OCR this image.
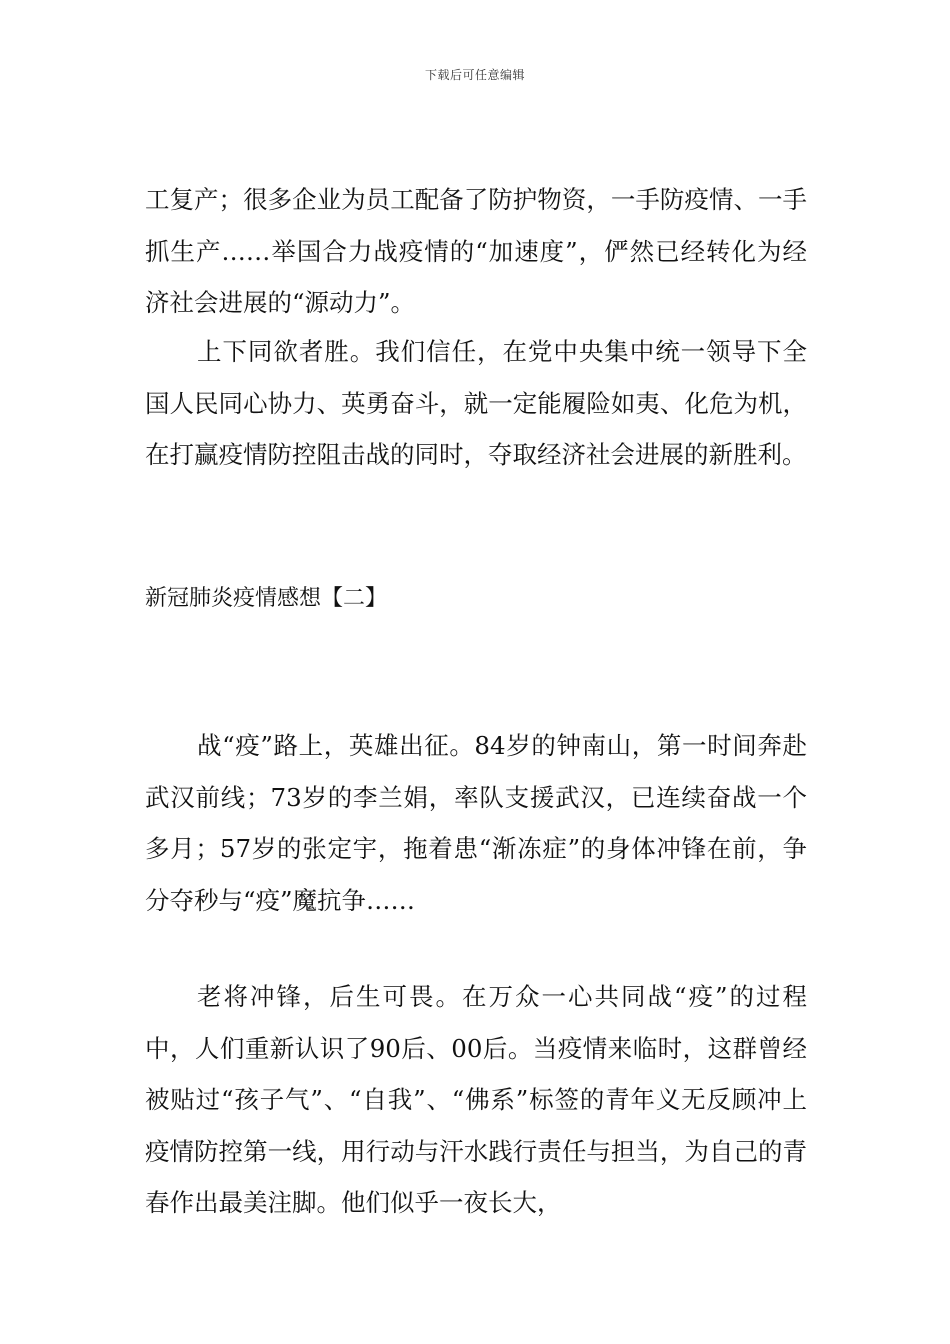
下载后可任意编辑

工复产；很多企业为员工配备了防护物资，一手防疫情、一手抓生产……举国合力战疫情的“加速度”，俨然已经转化为经济社会进展的“源动力”。

上下同欲者胜。我们信任，在党中央集中统一领导下全国人民同心协力、英勇奋斗，就一定能履险如夷、化危为机，在打赢疫情防控阻击战的同时，夺取经济社会进展的新胜利。

新冠肺炎疫情感想【二】

战“疫”路上，英雄出征。84岁的钟南山，第一时间奔赴武汉前线；73岁的李兰娟，率队支援武汉，已连续奋战一个多月；57岁的张定宇，拖着患“渐冻症”的身体冲锋在前，争分夺秒与“疫”魔抗争……

老将冲锋，后生可畏。在万众一心共同战“疫”的过程中，人们重新认识了90后、00后。当疫情来临时，这群曾经被贴过“孩子气”、“自我”、“佛系”标签的青年义无反顾冲上疫情防控第一线，用行动与汗水践行责任与担当，为自己的青春作出最美注脚。他们似乎一夜长大，
